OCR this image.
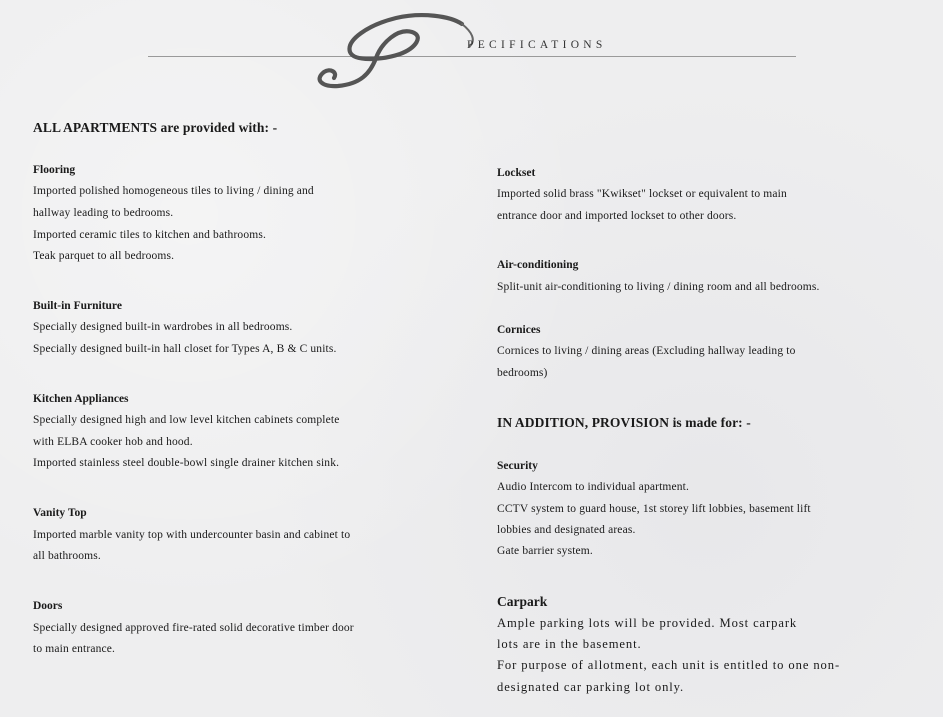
PECIFICATIONS
ALL APARTMENTS are provided with: -
Flooring
Imported polished homogeneous tiles to living / dining and
hallway leading to bedrooms.
Imported ceramic tiles to kitchen and bathrooms.
Teak parquet to all bedrooms.
Built-in Furniture
Specially designed built-in wardrobes in all bedrooms.
Specially designed built-in hall closet for Types A, B & C units.
Kitchen Appliances
Specially designed high and low level kitchen cabinets complete
with ELBA cooker hob and hood.
Imported stainless steel double-bowl single drainer kitchen sink.
Vanity Top
Imported marble vanity top with undercounter basin and cabinet to
all bathrooms.
Doors
Specially designed approved fire-rated solid decorative timber door
to main entrance.
Lockset
Imported solid brass "Kwikset" lockset or equivalent to main
entrance door and imported lockset to other doors.
Air-conditioning
Split-unit air-conditioning to living / dining room and all bedrooms.
Cornices
Cornices to living / dining areas (Excluding hallway leading to
bedrooms)
IN ADDITION, PROVISION is made for: -
Security
Audio Intercom to individual apartment.
CCTV system to guard house, 1st storey lift lobbies, basement lift
lobbies and designated areas.
Gate barrier system.
Carpark
Ample parking lots will be provided. Most carpark
lots are in the basement.
For purpose of allotment, each unit is entitled to one non-
designated car parking lot only.
